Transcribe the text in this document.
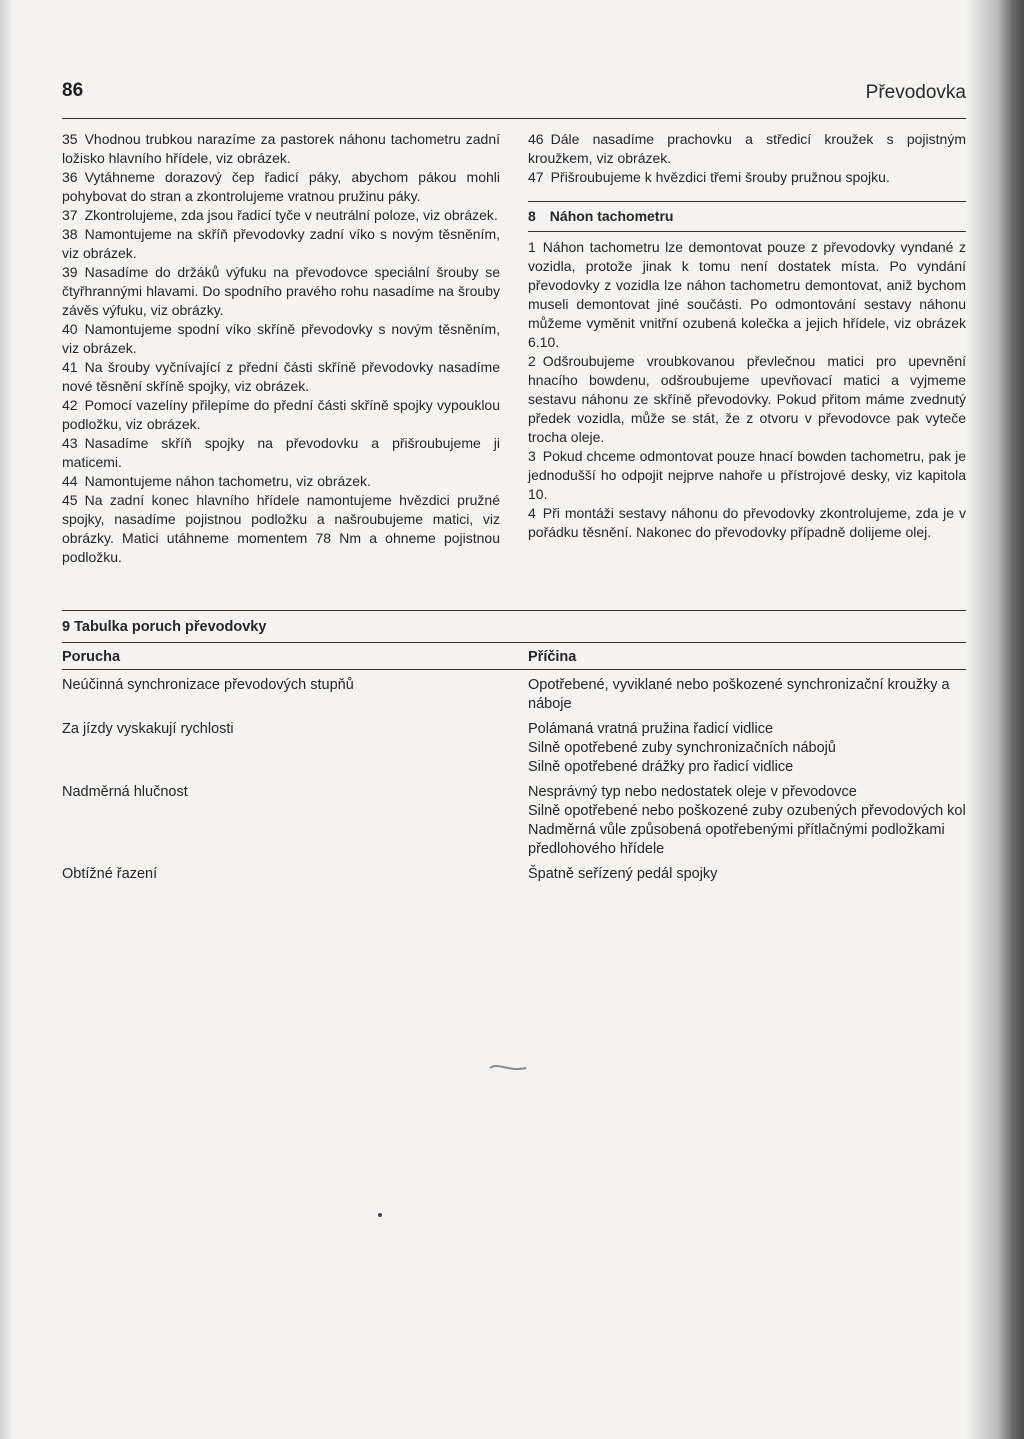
86	Převodovka

35 Vhodnou trubkou narazíme za pastorek náhonu tachometru zadní ložisko hlavního hřídele, viz obrázek.

36 Vytáhneme dorazový čep řadicí páky, abychom pákou mohli pohybovat do stran a zkontrolujeme vratnou pružinu páky.

37 Zkontrolujeme, zda jsou řadicí tyče v neutrální poloze, viz obrázek.

38 Namontujeme na skříň převodovky zadní víko s novým těsněním, viz obrázek.

39 Nasadíme do držáků výfuku na převodovce speciální šrouby se čtyřhrannými hlavami. Do spodního pravého rohu nasadíme na šrouby závěs výfuku, viz obrázky.

40 Namontujeme spodní víko skříně převodovky s novým těsněním, viz obrázek.

41 Na šrouby vyčnívající z přední části skříně převodovky nasadíme nové těsnění skříně spojky, viz obrázek.

42 Pomocí vazelíny přilepíme do přední části skříně spojky vypouklou podložku, viz obrázek.

43 Nasadíme skříň spojky na převodovku a přišroubujeme ji maticemi.

44 Namontujeme náhon tachometru, viz obrázek.

45 Na zadní konec hlavního hřídele namontujeme hvězdici pružné spojky, nasadíme pojistnou podložku a našroubujeme matici, viz obrázky. Matici utáhneme momentem 78 Nm a ohneme pojistnou podložku.

46 Dále nasadíme prachovku a středicí kroužek s pojistným kroužkem, viz obrázek.

47 Přišroubujeme k hvězdici třemi šrouby pružnou spojku.

8 Náhon tachometru

1 Náhon tachometru lze demontovat pouze z převodovky vyndané z vozidla, protože jinak k tomu není dostatek místa. Po vyndání převodovky z vozidla lze náhon tachometru demontovat, aniž bychom museli demontovat jiné součásti. Po odmontování sestavy náhonu můžeme vyměnit vnitřní ozubená kolečka a jejich hřídele, viz obrázek 6.10.

2 Odšroubujeme vroubkovanou převlečnou matici pro upevnění hnacího bowdenu, odšroubujeme upevňovací matici a vyjmeme sestavu náhonu ze skříně převodovky. Pokud přitom máme zvednutý předek vozidla, může se stát, že z otvoru v převodovce pak vyteče trocha oleje.

3 Pokud chceme odmontovat pouze hnací bowden tachometru, pak je jednodušší ho odpojit nejprve nahoře u přístrojové desky, viz kapitola 10.

4 Při montáži sestavy náhonu do převodovky zkontrolujeme, zda je v pořádku těsnění. Nakonec do převodovky případně dolijeme olej.

9 Tabulka poruch převodovky
Porucha	Příčina
Neúčinná synchronizace převodových stupňů	Opotřebené, vyviklané nebo poškozené synchronizační kroužky a náboje
Za jízdy vyskakují rychlosti	Polámaná vratná pružina řadicí vidlice
Silně opotřebené zuby synchronizačních nábojů
Silně opotřebené drážky pro řadicí vidlice
Nadměrná hlučnost	Nesprávný typ nebo nedostatek oleje v převodovce
Silně opotřebené nebo poškozené zuby ozubených převodových kol
Nadměrná vůle způsobená opotřebenými přítlačnými podložkami předlohového hřídele
Obtížné řazení	Špatně seřízený pedál spojky
